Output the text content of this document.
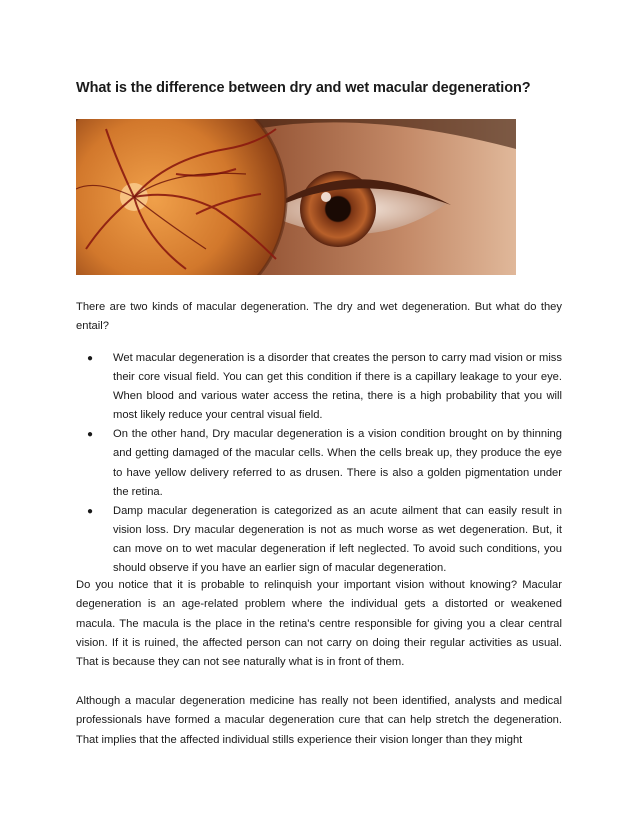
What is the difference between dry and wet macular degeneration?

There are two kinds of macular degeneration. The dry and wet degeneration. But what do they entail?

● Wet macular degeneration is a disorder that creates the person to carry mad vision or miss their core visual field. You can get this condition if there is a capillary leakage to your eye. When blood and various water access the retina, there is a high probability that you will most likely reduce your central visual field.
● On the other hand, Dry macular degeneration is a vision condition brought on by thinning and getting damaged of the macular cells. When the cells break up, they produce the eye to have yellow delivery referred to as drusen. There is also a golden pigmentation under the retina.
● Damp macular degeneration is categorized as an acute ailment that can easily result in vision loss. Dry macular degeneration is not as much worse as wet degeneration. But, it can move on to wet macular degeneration if left neglected. To avoid such conditions, you should observe if you have an earlier sign of macular degeneration.

Do you notice that it is probable to relinquish your important vision without knowing? Macular degeneration is an age-related problem where the individual gets a distorted or weakened macula. The macula is the place in the retina's centre responsible for giving you a clear central vision. If it is ruined, the affected person can not carry on doing their regular activities as usual. That is because they can not see naturally what is in front of them.

Although a macular degeneration medicine has really not been identified, analysts and medical professionals have formed a macular degeneration cure that can help stretch the degeneration. That implies that the affected individual stills experience their vision longer than they might
